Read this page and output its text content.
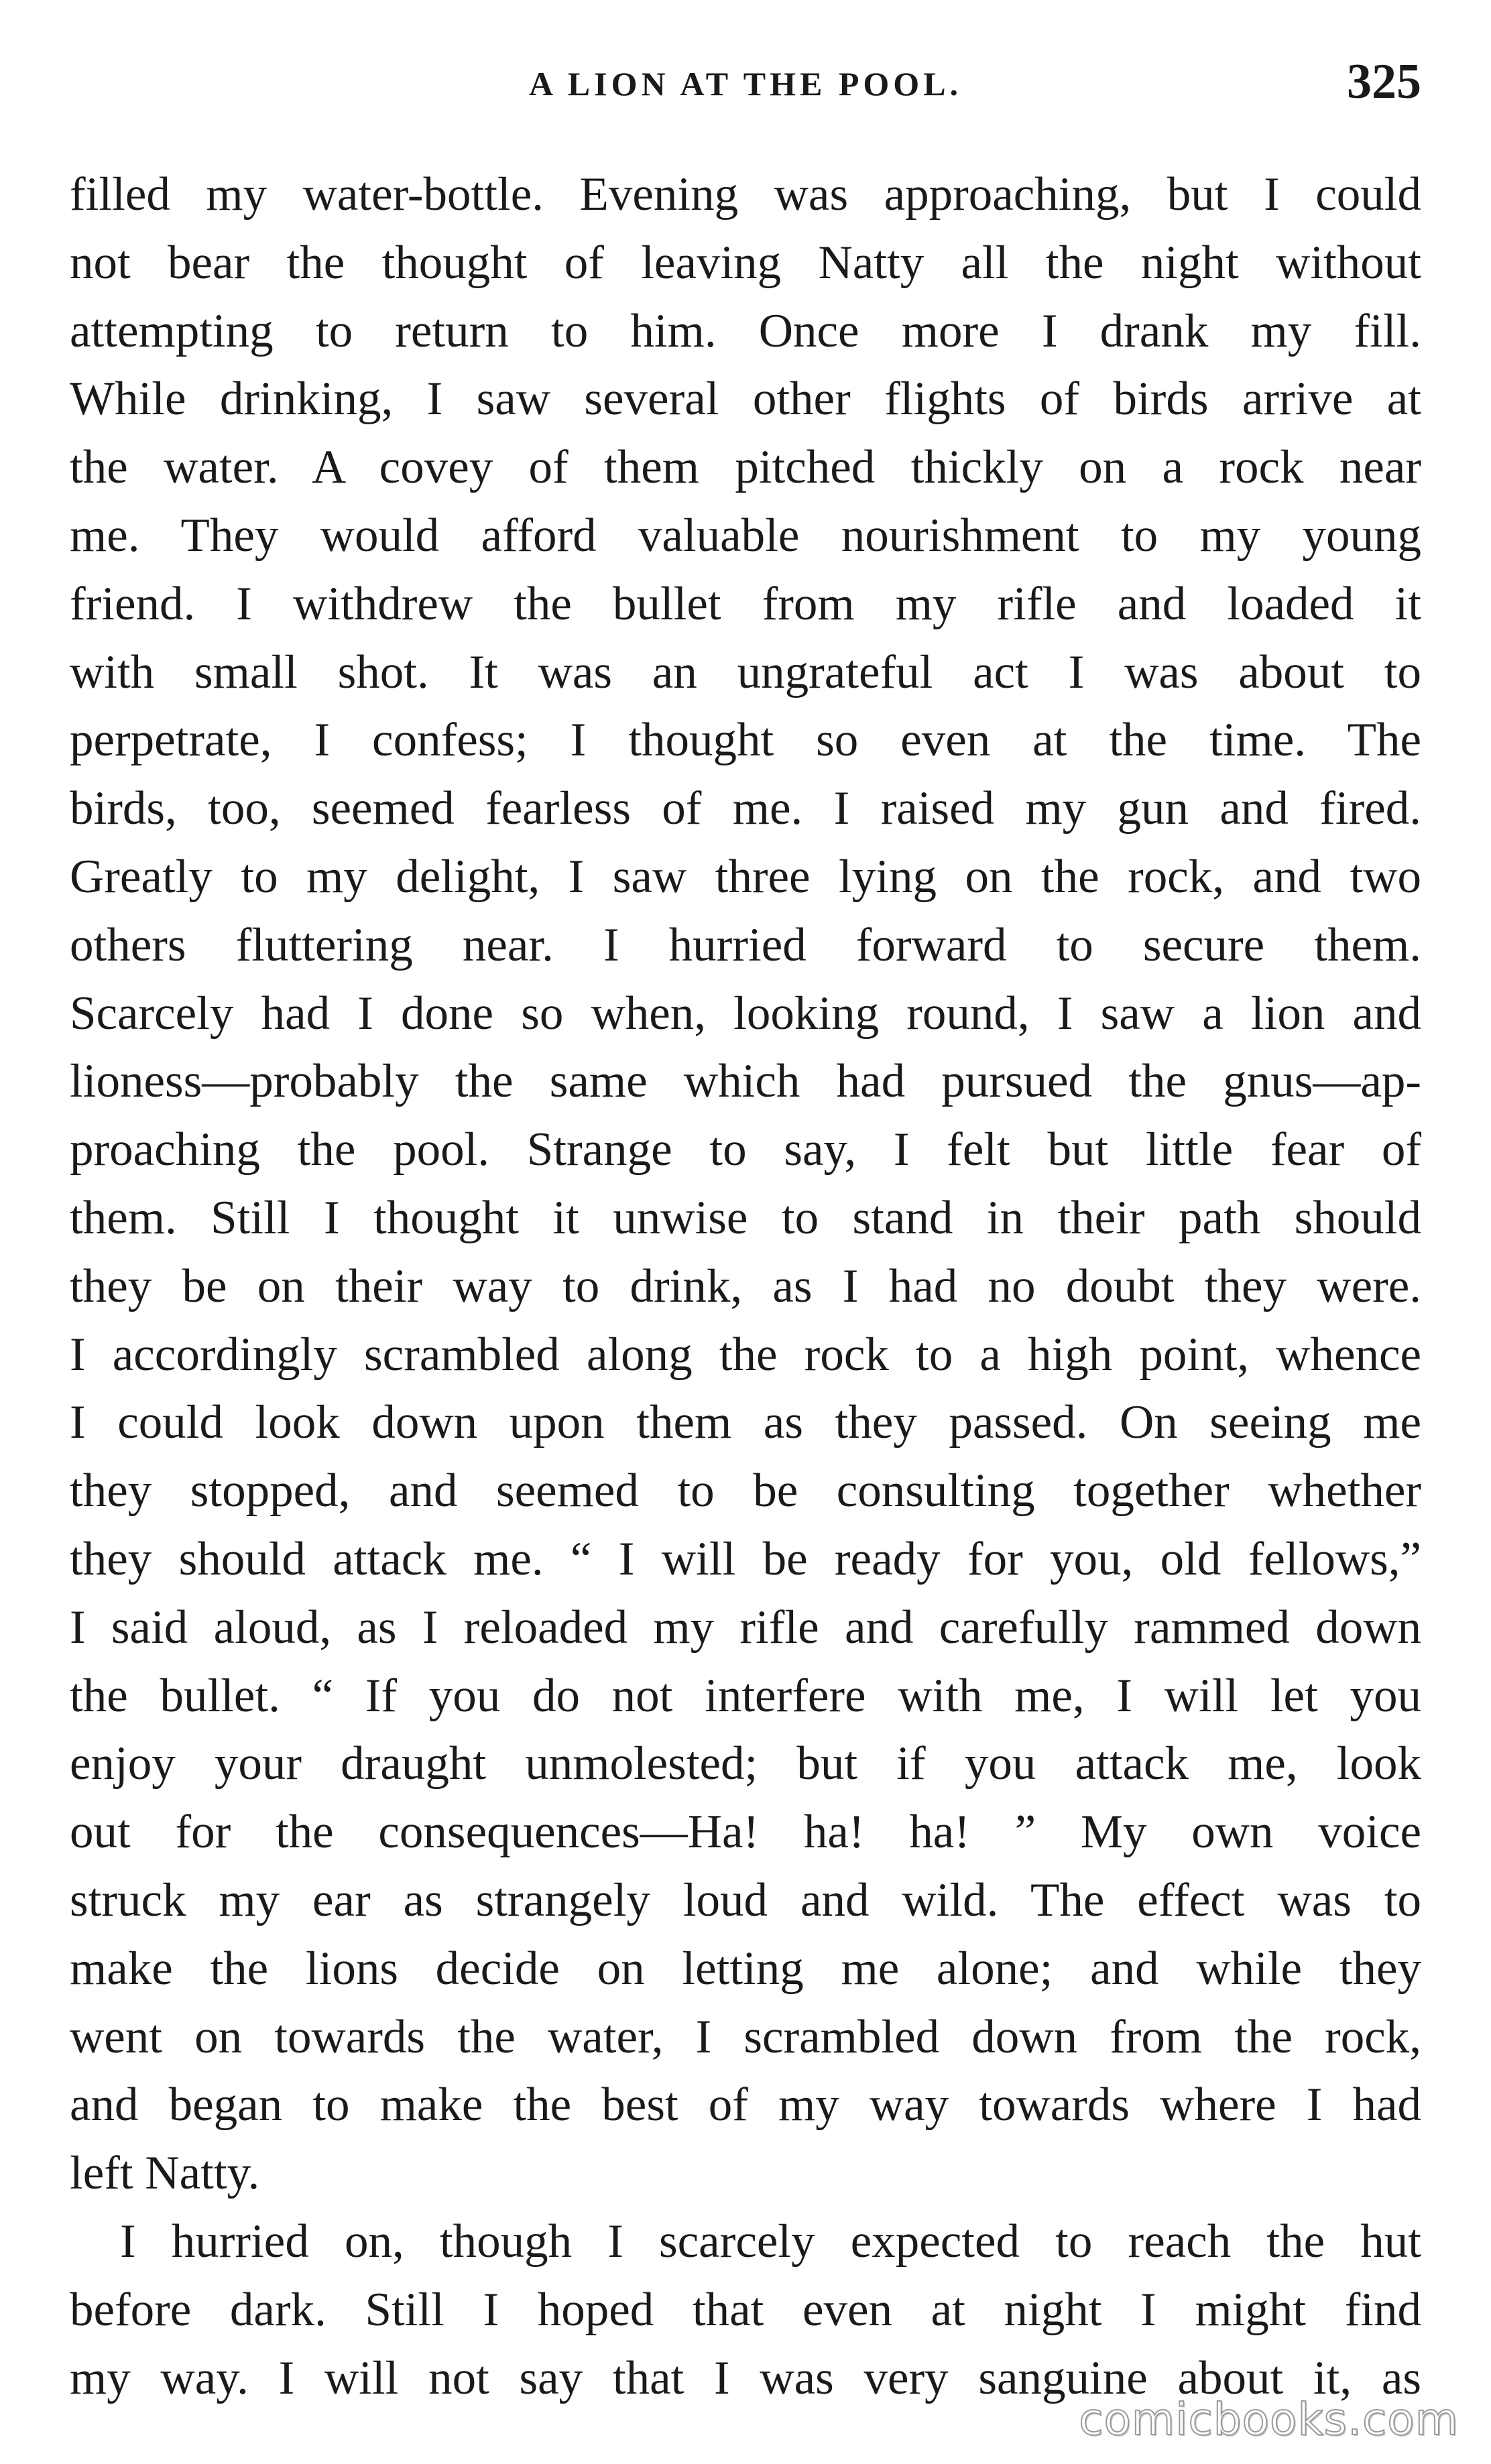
A LION AT THE POOL.	325
filled my water-bottle. Evening was approaching, but I could
not bear the thought of leaving Natty all the night without
attempting to return to him. Once more I drank my fill.
While drinking, I saw several other flights of birds arrive at
the water. A covey of them pitched thickly on a rock near
me. They would afford valuable nourishment to my young
friend. I withdrew the bullet from my rifle and loaded it
with small shot. It was an ungrateful act I was about to
perpetrate, I confess; I thought so even at the time. The
birds, too, seemed fearless of me. I raised my gun and fired.
Greatly to my delight, I saw three lying on the rock, and two
others fluttering near. I hurried forward to secure them.
Scarcely had I done so when, looking round, I saw a lion and
lioness—probably the same which had pursued the gnus—ap-
proaching the pool. Strange to say, I felt but little fear of
them. Still I thought it unwise to stand in their path should
they be on their way to drink, as I had no doubt they were.
I accordingly scrambled along the rock to a high point, whence
I could look down upon them as they passed. On seeing me
they stopped, and seemed to be consulting together whether
they should attack me. “ I will be ready for you, old fellows,”
I said aloud, as I reloaded my rifle and carefully rammed down
the bullet. “ If you do not interfere with me, I will let you
enjoy your draught unmolested; but if you attack me, look
out for the consequences—Ha! ha! ha! ” My own voice
struck my ear as strangely loud and wild. The effect was to
make the lions decide on letting me alone; and while they
went on towards the water, I scrambled down from the rock,
and began to make the best of my way towards where I had
left Natty.
I hurried on, though I scarcely expected to reach the hut
before dark. Still I hoped that even at night I might find
my way. I will not say that I was very sanguine about it, as
comicbooks.com
